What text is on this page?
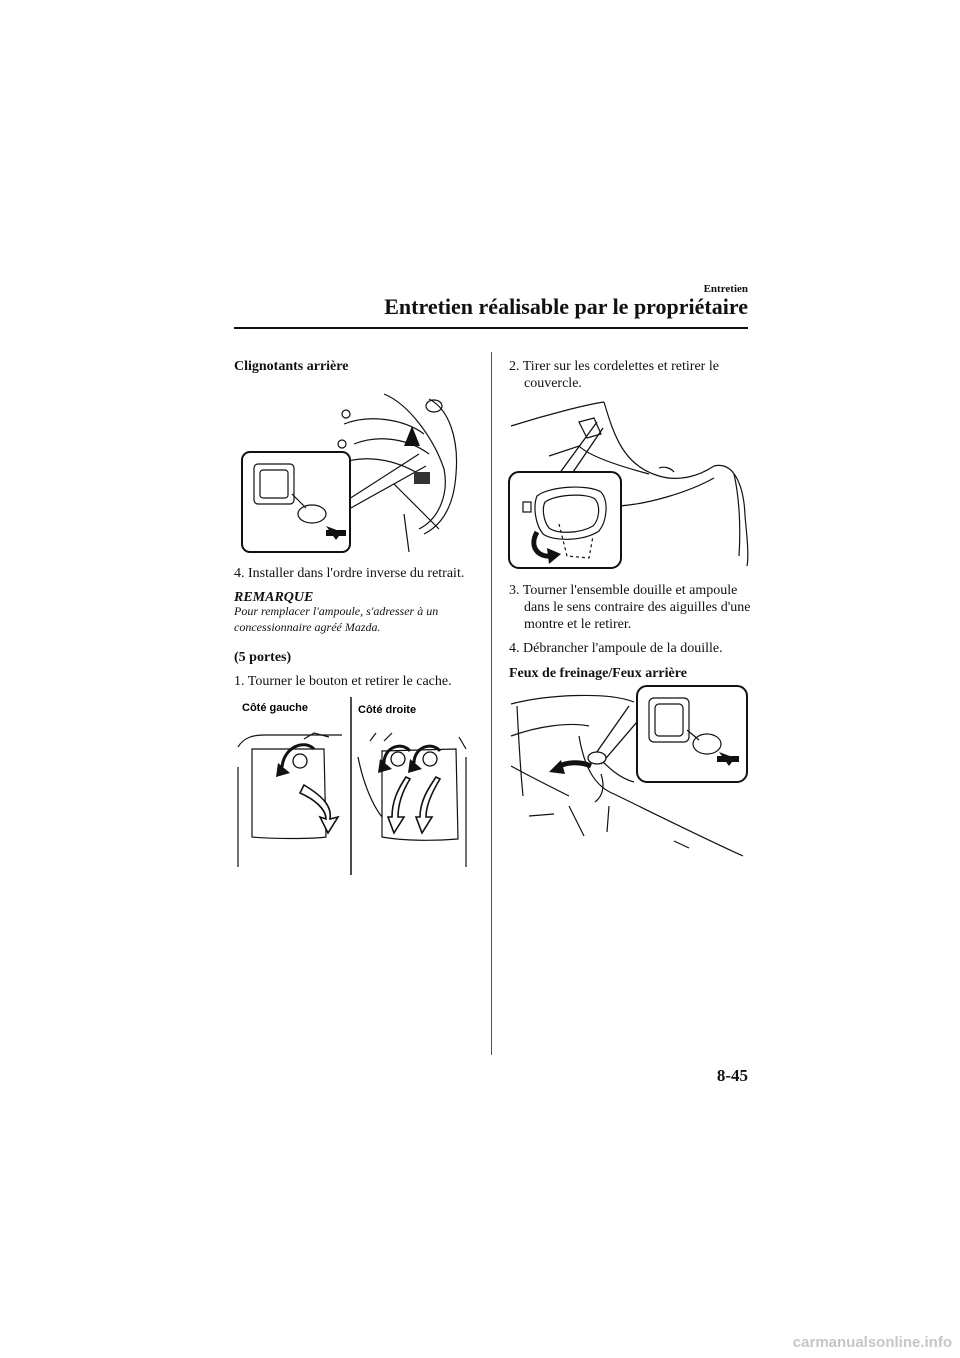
Entretien
Entretien réalisable par le propriétaire
Clignotants arrière
4. Installer dans l'ordre inverse du retrait.
REMARQUE
Pour remplacer l'ampoule, s'adresser à un concessionnaire agréé Mazda.
(5 portes)
1. Tourner le bouton et retirer le cache.
Côté gauche	Côté droite
2. Tirer sur les cordelettes et retirer le couvercle.
3. Tourner l'ensemble douille et ampoule dans le sens contraire des aiguilles d'une montre et le retirer.
4. Débrancher l'ampoule de la douille.
Feux de freinage/Feux arrière
8-45
carmanualsonline.info
